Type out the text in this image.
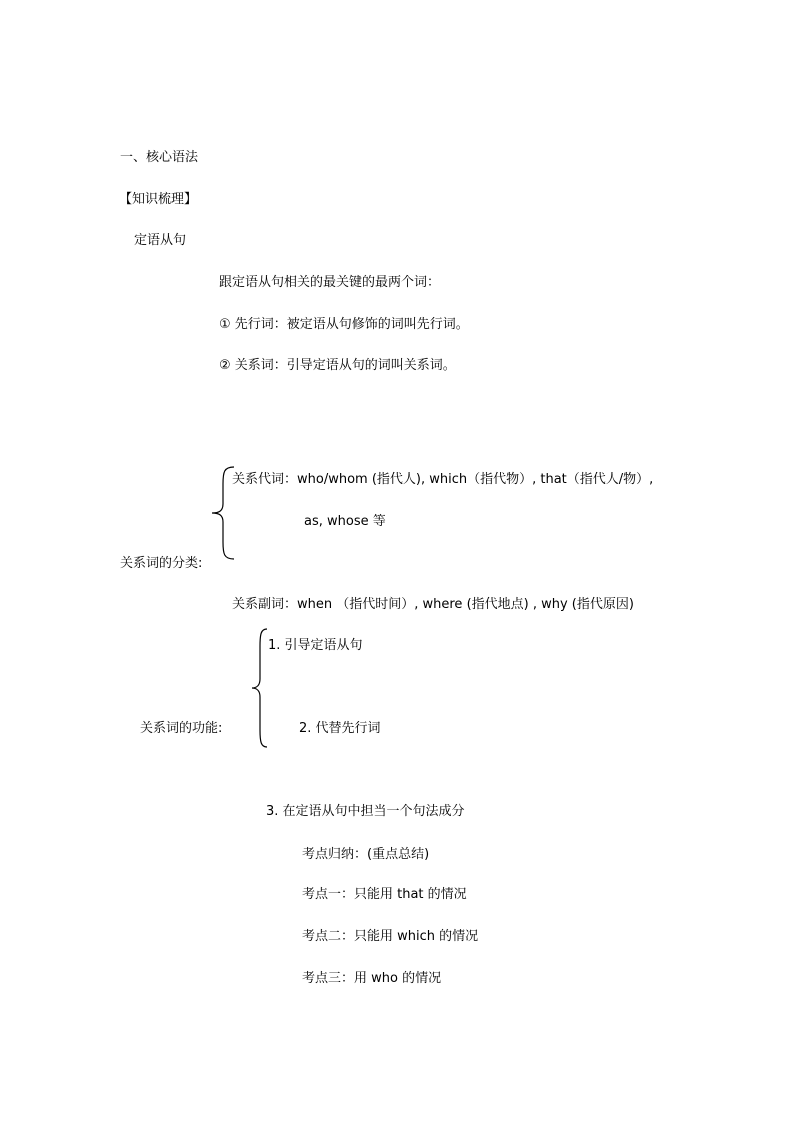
一、核心语法
【知识梳理】
定语从句
跟定语从句相关的最关键的最两个词：
① 先行词：被定语从句修饰的词叫先行词。
② 关系词：引导定语从句的词叫关系词。
关系代词：who/whom (指代人), which（指代物）, that（指代人/物）,
as, whose 等
关系词的分类:
关系副词：when （指代时间）, where (指代地点) , why (指代原因)
1. 引导定语从句
关系词的功能:	2. 代替先行词
3. 在定语从句中担当一个句法成分
考点归纳：(重点总结)
考点一：只能用 that 的情况
考点二：只能用 which 的情况
考点三：用 who 的情况
